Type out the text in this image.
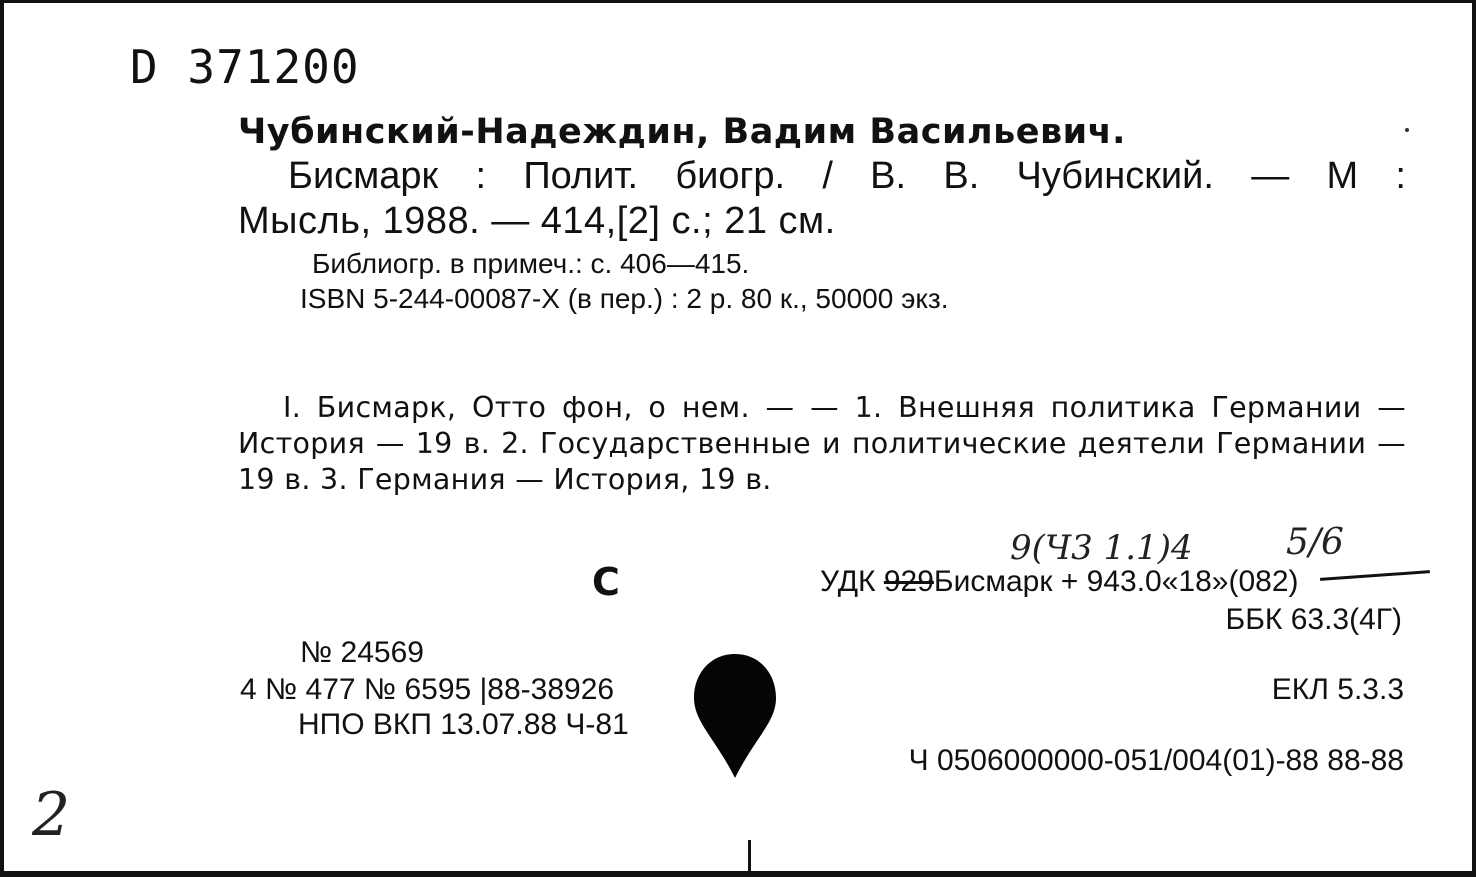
D 371200
Чубинский-Надеждин, Вадим Васильевич.
Бисмарк : Полит. биогр. / В. В. Чубинский. — М :
Мысль, 1988. — 414,[2] с.; 21 см.
Библиогр. в примеч.: с. 406—415.
ISBN 5-244-00087-X (в пер.) : 2 р. 80 к., 50000 экз.
I. Бисмарк, Отто фон, о нем. — — 1. Внешняя политика Германии — История — 19 в. 2. Государственные и политические деятели Германии — 19 в. 3. Германия — История, 19 в.
С
9(Ч3 1.1)4	5/6
УДК 929Бисмарк + 943.0«18»(082)
ББК 63.3(4Г)
№ 24569
4 № 477 № 6595 |88-38926
НПО ВКП 13.07.88 Ч-81
ЕКЛ 5.3.3
Ч 0506000000-051/004(01)-88 88-88
2
